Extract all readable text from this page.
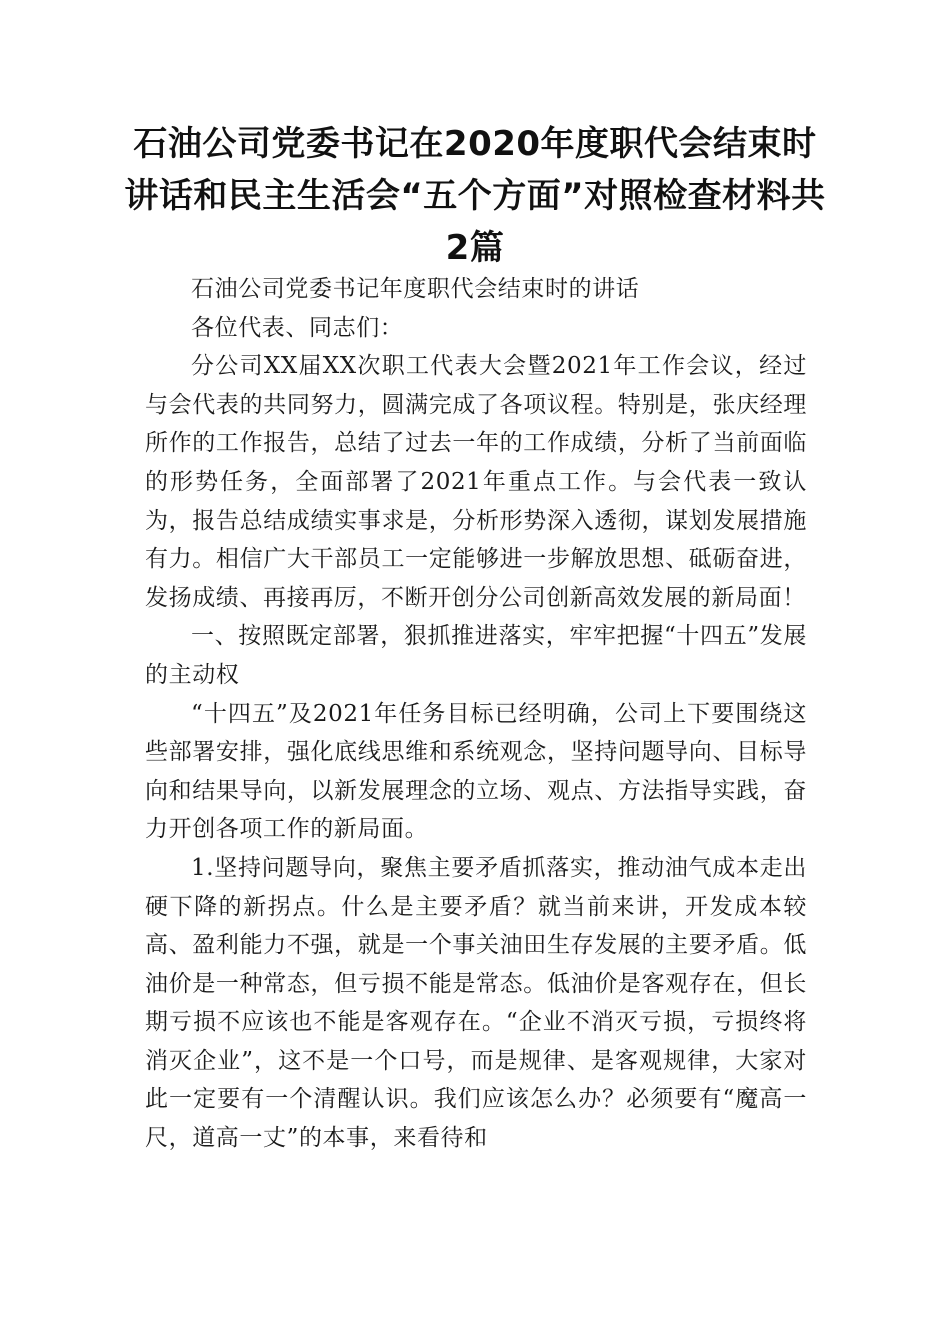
石油公司党委书记在2020年度职代会结束时讲话和民主生活会“五个方面”对照检查材料共2篇

石油公司党委书记年度职代会结束时的讲话

各位代表、同志们：

分公司XX届XX次职工代表大会暨2021年工作会议，经过与会代表的共同努力，圆满完成了各项议程。特别是，张庆经理所作的工作报告，总结了过去一年的工作成绩，分析了当前面临的形势任务，全面部署了2021年重点工作。与会代表一致认为，报告总结成绩实事求是，分析形势深入透彻，谋划发展措施有力。相信广大干部员工一定能够进一步解放思想、砥砺奋进，发扬成绩、再接再厉，不断开创分公司创新高效发展的新局面！

一、按照既定部署，狠抓推进落实，牢牢把握“十四五”发展的主动权

“十四五”及2021年任务目标已经明确，公司上下要围绕这些部署安排，强化底线思维和系统观念，坚持问题导向、目标导向和结果导向，以新发展理念的立场、观点、方法指导实践，奋力开创各项工作的新局面。

1.坚持问题导向，聚焦主要矛盾抓落实，推动油气成本走出硬下降的新拐点。什么是主要矛盾？就当前来讲，开发成本较高、盈利能力不强，就是一个事关油田生存发展的主要矛盾。低油价是一种常态，但亏损不能是常态。低油价是客观存在，但长期亏损不应该也不能是客观存在。“企业不消灭亏损，亏损终将消灭企业”，这不是一个口号，而是规律、是客观规律，大家对此一定要有一个清醒认识。我们应该怎么办？必须要有“魔高一尺，道高一丈”的本事，来看待和
